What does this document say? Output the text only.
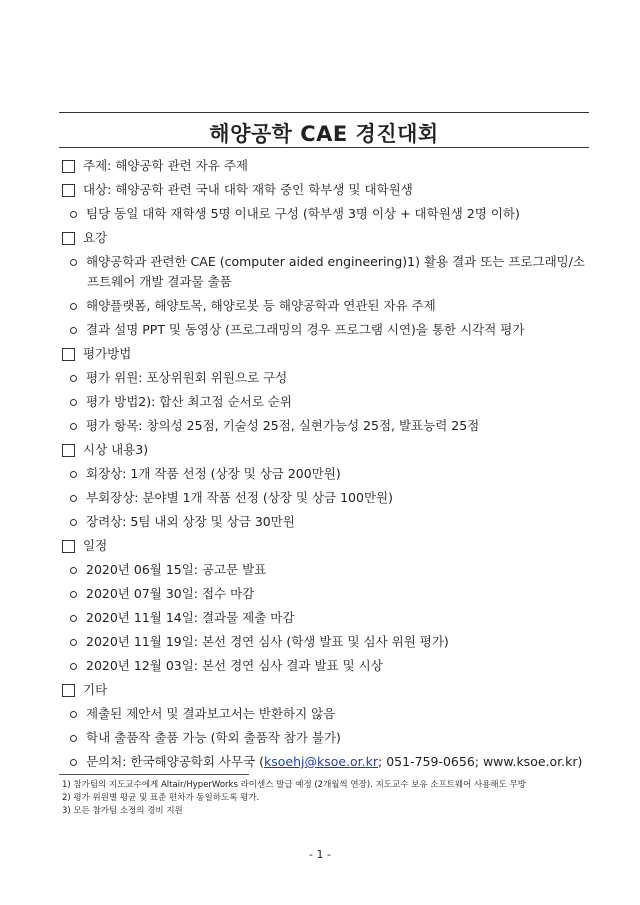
해양공학 CAE 경진대회
주제: 해양공학 관련 자유 주제
대상: 해양공학 관련 국내 대학 재학 중인 학부생 및 대학원생
팀당 동일 대학 재학생 5명 이내로 구성 (학부생 3명 이상 + 대학원생 2명 이하)
요강
해양공학과 관련한 CAE (computer aided engineering)1) 활용 결과 또는 프로그래밍/소
프트웨어 개발 결과물 출품
해양플랫폼, 해양토목, 해양로봇 등 해양공학과 연관된 자유 주제
결과 설명 PPT 및 동영상 (프로그래밍의 경우 프로그램 시연)을 통한 시각적 평가
평가방법
평가 위원: 포상위원회 위원으로 구성
평가 방법2): 합산 최고점 순서로 순위
평가 항목: 창의성 25점, 기술성 25점, 실현가능성 25점, 발표능력 25점
시상 내용3)
회장상: 1개 작품 선정 (상장 및 상금 200만원)
부회장상: 분야별 1개 작품 선정 (상장 및 상금 100만원)
장려상: 5팀 내외 상장 및 상금 30만원
일정
2020년 06월 15일: 공고문 발표
2020년 07월 30일: 접수 마감
2020년 11월 14일: 결과물 제출 마감
2020년 11월 19일: 본선 경연 심사 (학생 발표 및 심사 위원 평가)
2020년 12월 03일: 본선 경연 심사 결과 발표 및 시상
기타
제출된 제안서 및 결과보고서는 반환하지 않음
학내 출품작 출품 가능 (학외 출품작 참가 불가)
문의처: 한국해양공학회 사무국 (ksoehj@ksoe.or.kr; 051-759-0656; www.ksoe.or.kr)
1) 참가팀의 지도교수에게 Altair/HyperWorks 라이센스 발급 예정 (2개월씩 연장). 지도교수 보유 소프트웨어 사용해도 무방
2) 평가 위원별 평균 및 표준 편차가 동일하도록 평가.
3) 모든 참가팀 소정의 경비 지원
- 1 -
